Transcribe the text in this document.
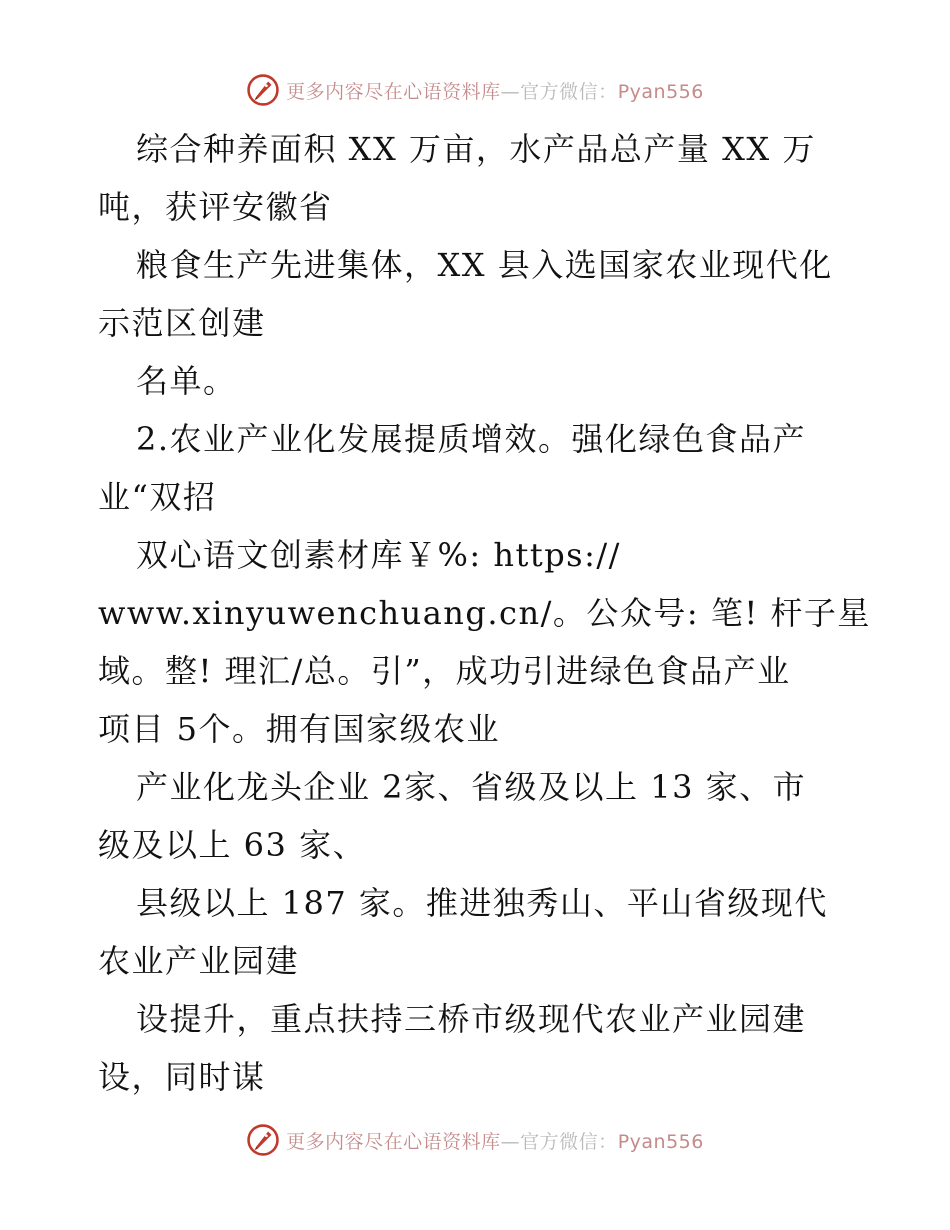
更多内容尽在心语资料库—官方微信：Pyan556
综合种养面积 XX 万亩，水产品总产量 XX 万
吨，获评安徽省
粮食生产先进集体，XX 县入选国家农业现代化
示范区创建
名单。
2.农业产业化发展提质增效。强化绿色食品产
业“双招
双心语文创素材库￥%: https://
www.xinyuwenchuang.cn/。公众号: 笔! 杆子星
域。整! 理汇/总。引”，成功引进绿色食品产业
项目 5个。拥有国家级农业
产业化龙头企业 2家、省级及以上 13 家、市
级及以上 63 家、
县级以上 187 家。推进独秀山、平山省级现代
农业产业园建
设提升，重点扶持三桥市级现代农业产业园建
设，同时谋
更多内容尽在心语资料库—官方微信：Pyan556
